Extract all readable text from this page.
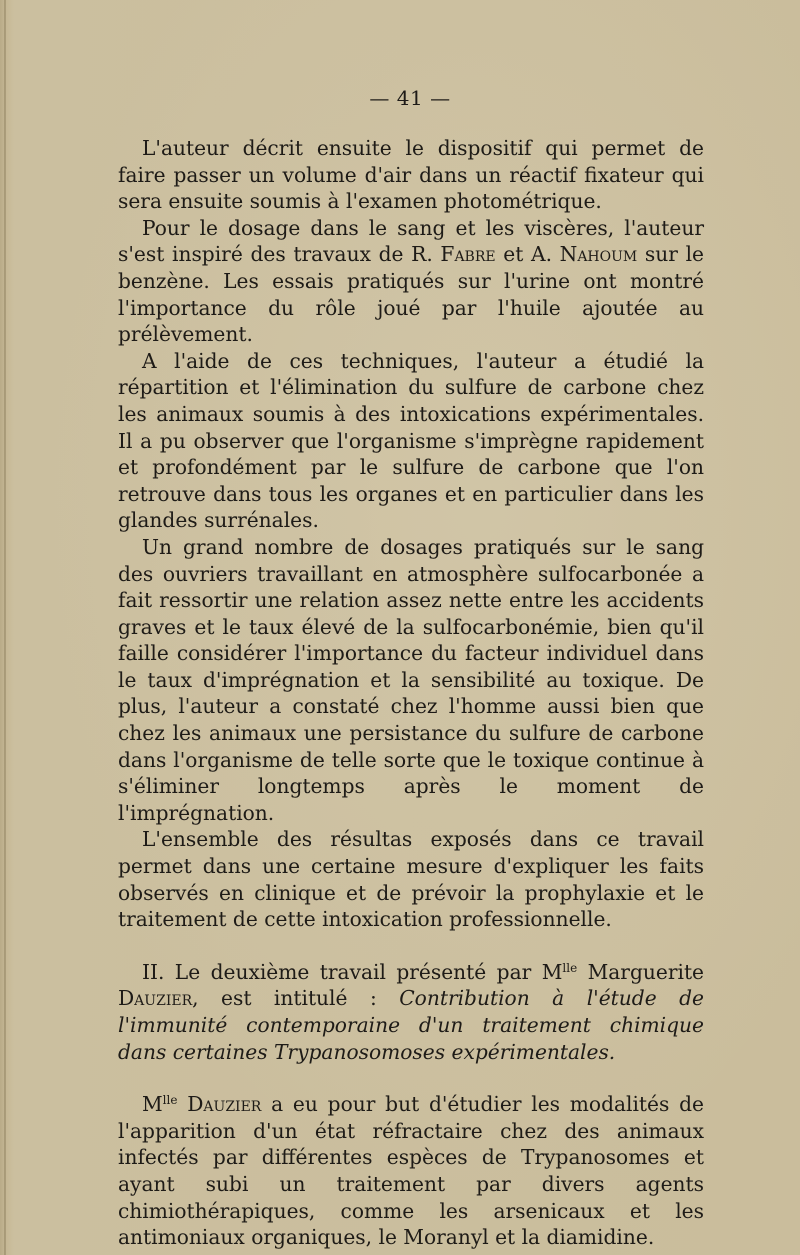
— 41 —

L'auteur décrit ensuite le dispositif qui permet de faire passer un volume d'air dans un réactif fixateur qui sera ensuite soumis à l'examen photométrique.

Pour le dosage dans le sang et les viscères, l'auteur s'est inspiré des travaux de R. Fabre et A. Nahoum sur le benzène. Les essais pratiqués sur l'urine ont montré l'importance du rôle joué par l'huile ajoutée au prélèvement.

A l'aide de ces techniques, l'auteur a étudié la répartition et l'élimination du sulfure de carbone chez les animaux soumis à des intoxications expérimentales. Il a pu observer que l'organisme s'imprègne rapidement et profondément par le sulfure de carbone que l'on retrouve dans tous les organes et en particulier dans les glandes surrénales.

Un grand nombre de dosages pratiqués sur le sang des ouvriers travaillant en atmosphère sulfocarbonée a fait ressortir une relation assez nette entre les accidents graves et le taux élevé de la sulfocarbonémie, bien qu'il faille considérer l'importance du facteur individuel dans le taux d'imprégnation et la sensibilité au toxique. De plus, l'auteur a constaté chez l'homme aussi bien que chez les animaux une persistance du sulfure de carbone dans l'organisme de telle sorte que le toxique continue à s'éliminer longtemps après le moment de l'imprégnation.

L'ensemble des résultas exposés dans ce travail permet dans une certaine mesure d'expliquer les faits observés en clinique et de prévoir la prophylaxie et le traitement de cette intoxication professionnelle.

II. Le deuxième travail présenté par $M^{lle}$ Marguerite Dauzier, est intitulé : Contribution à l'étude de l'immunité contemporaine d'un traitement chimique dans certaines Trypanosomoses expérimentales.

$M^{lle}$ Dauzier a eu pour but d'étudier les modalités de l'apparition d'un état réfractaire chez des animaux infectés par différentes espèces de Trypanosomes et ayant subi un traitement par divers agents chimiothérapiques, comme les arsenicaux et les antimoniaux organiques, le Moranyl et la diamidine.
